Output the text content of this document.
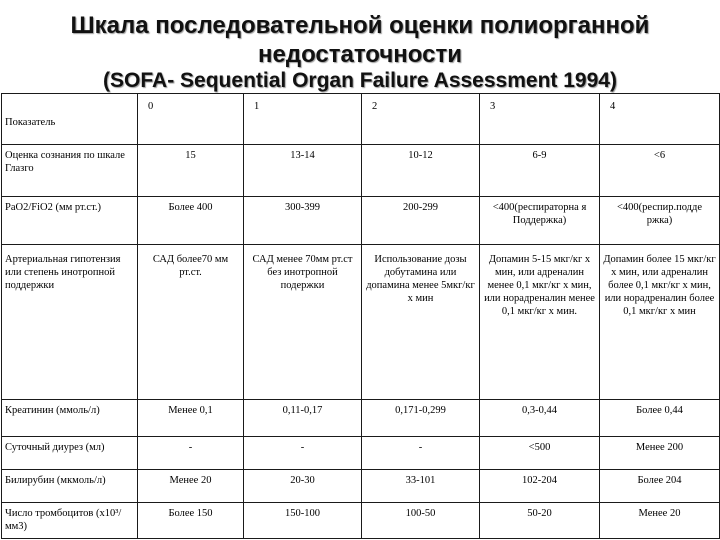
Шкала последовательной оценки полиорганной
недостаточности
(SOFA- Sequential Organ Failure Assessment 1994)
Показатель	0	1	2	3	4

Оценка сознания по шкале Глазго	15	13-14	10-12	6-9	<6
PaO2/FiO2 (мм рт.ст.)	Более 400	300-399	200-299	<400(респираторна я Поддержка)	<400(респир.подде ржка)
Артериальная гипотензия или степень инотропной поддержки	САД более70 мм рт.ст.	САД менее 70мм рт.ст без инотропной подержки	Использование дозы добутамина или допамина менее 5мкг/кг х мин	Допамин 5-15 мкг/кг х мин, или адреналин менее 0,1 мкг/кг х мин, или норадреналин менее 0,1 мкг/кг х мин.	Допамин более 15 мкг/кг х мин, или адреналин более 0,1 мкг/кг х мин, или норадреналин более 0,1 мкг/кг х мин
Креатинин (ммоль/л)	Менее 0,1	0,11-0,17	0,171-0,299	0,3-0,44	Более 0,44
Суточный диурез (мл)	-	-	-	<500	Менее 200
Билирубин (мкмоль/л)	Менее 20	20-30	33-101	102-204	Более 204
Число тромбоцитов (х10³/мм3)	Более 150	150-100	100-50	50-20	Менее 20
